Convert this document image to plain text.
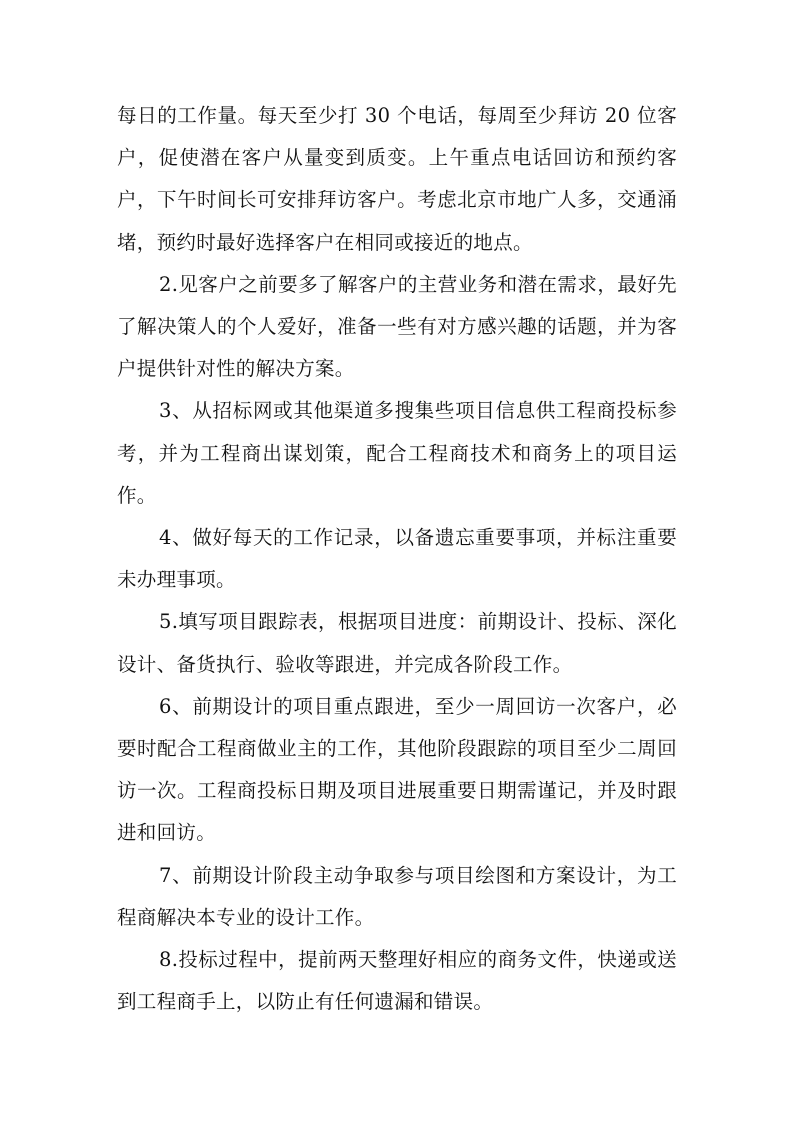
每日的工作量。每天至少打 30 个电话，每周至少拜访 20 位客户，促使潜在客户从量变到质变。上午重点电话回访和预约客户，下午时间长可安排拜访客户。考虑北京市地广人多，交通涌堵，预约时最好选择客户在相同或接近的地点。

2.见客户之前要多了解客户的主营业务和潜在需求，最好先了解决策人的个人爱好，准备一些有对方感兴趣的话题，并为客户提供针对性的解决方案。

3、从招标网或其他渠道多搜集些项目信息供工程商投标参考，并为工程商出谋划策，配合工程商技术和商务上的项目运作。

4、做好每天的工作记录，以备遗忘重要事项，并标注重要未办理事项。

5.填写项目跟踪表，根据项目进度：前期设计、投标、深化设计、备货执行、验收等跟进，并完成各阶段工作。

6、前期设计的项目重点跟进，至少一周回访一次客户，必要时配合工程商做业主的工作，其他阶段跟踪的项目至少二周回访一次。工程商投标日期及项目进展重要日期需谨记，并及时跟进和回访。

7、前期设计阶段主动争取参与项目绘图和方案设计，为工程商解决本专业的设计工作。

8.投标过程中，提前两天整理好相应的商务文件，快递或送到工程商手上，以防止有任何遗漏和错误。
